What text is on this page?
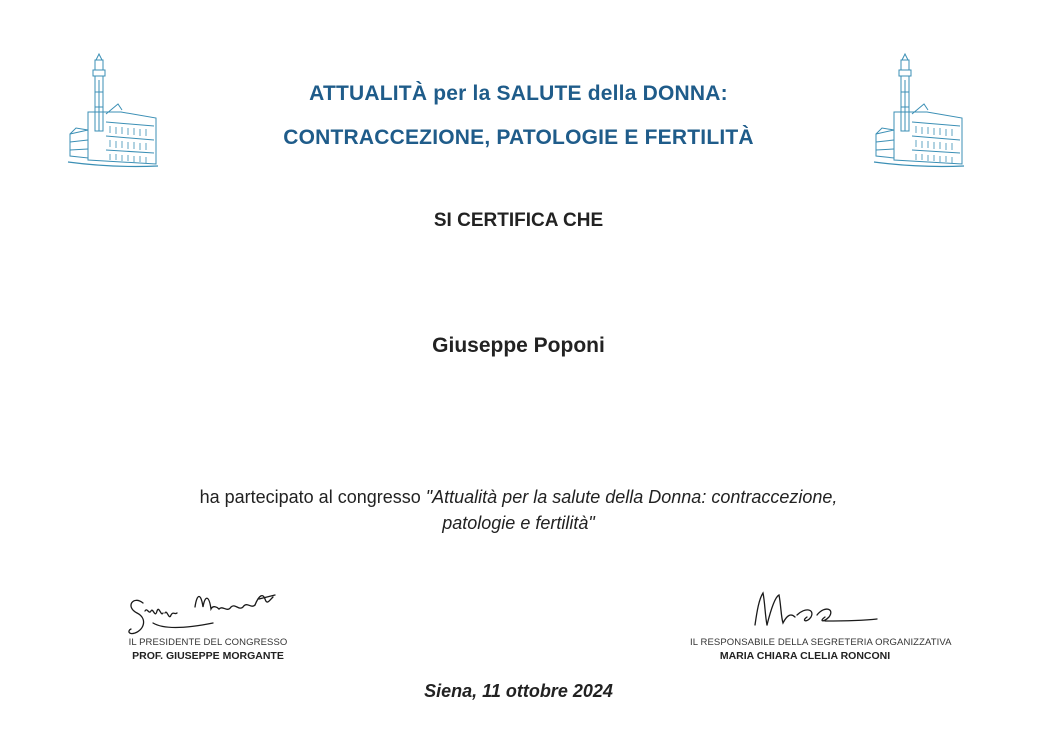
ATTUALITÀ per la SALUTE della DONNA:
CONTRACCEZIONE, PATOLOGIE E FERTILITÀ
SI CERTIFICA CHE
Giuseppe Poponi
ha partecipato al congresso "Attualità per la salute della Donna: contraccezione,
patologie e fertilità"
IL PRESIDENTE DEL CONGRESSO
PROF. GIUSEPPE MORGANTE
IL RESPONSABILE DELLA SEGRETERIA ORGANIZZATIVA
MARIA CHIARA CLELIA RONCONI
Siena, 11 ottobre 2024
